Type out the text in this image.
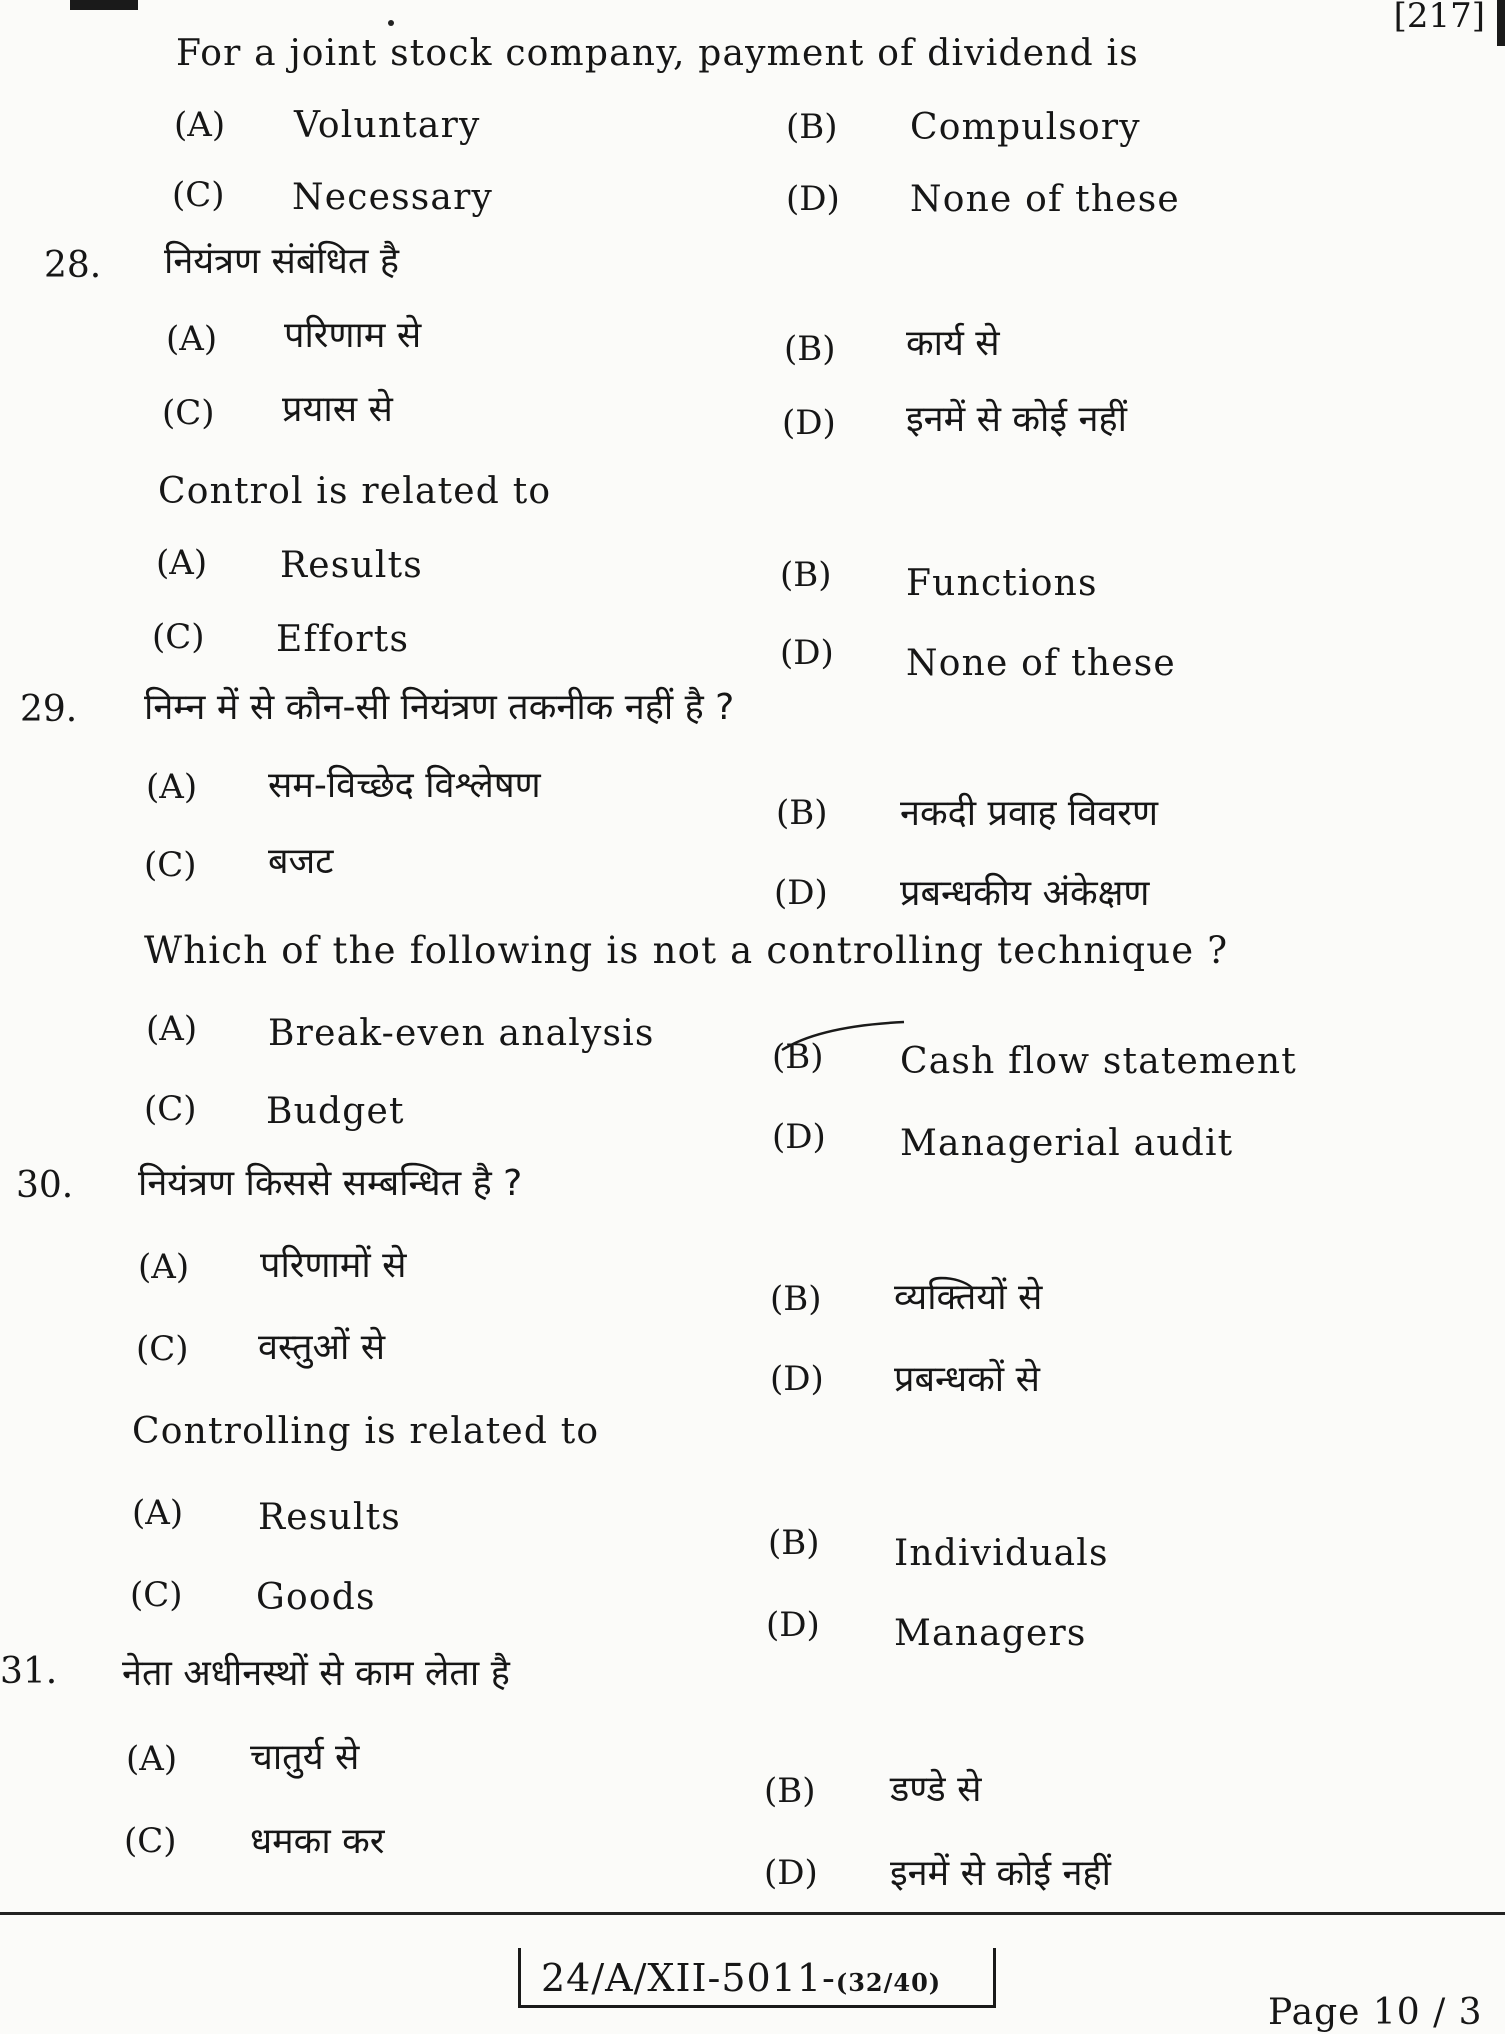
[217]
For a joint stock company, payment of dividend is
(A) Voluntary	(B) Compulsory
(C) Necessary	(D) None of these
28. नियंत्रण संबंधित है
(A) परिणाम से	(B) कार्य से
(C) प्रयास से	(D) इनमें से कोई नहीं
Control is related to
(A) Results	(B) Functions
(C) Efforts	(D) None of these
29. निम्न में से कौन-सी नियंत्रण तकनीक नहीं है ?
(A) सम-विच्छेद विश्लेषण
(B) नकदी प्रवाह विवरण
(C) बजट
(D) प्रबन्धकीय अंकेक्षण
Which of the following is not a controlling technique ?
(A) Break-even analysis
(B) Cash flow statement
(C) Budget
(D) Managerial audit
30. नियंत्रण किससे सम्बन्धित है ?
(A) परिणामों से
(B) व्यक्तियों से
(C) वस्तुओं से
(D) प्रबन्धकों से
Controlling is related to
(A) Results
(B) Individuals
(C) Goods
(D) Managers
31. नेता अधीनस्थों से काम लेता है
(A) चातुर्य से
(B) डण्डे से
(C) धमका कर
(D) इनमें से कोई नहीं
24/A/XII-5011-(32/40)
Page 10 / 3
